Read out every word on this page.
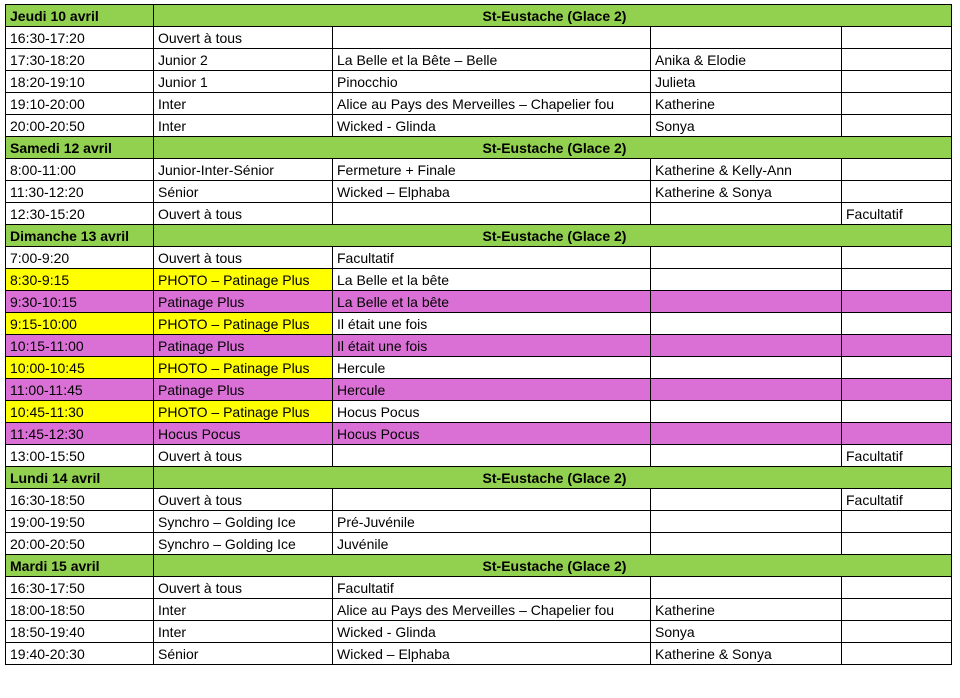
Jeudi 10 avril	St-Eustache (Glace 2)			
16:30-17:20	Ouvert à tous			
17:30-18:20	Junior 2	La Belle et la Bête – Belle	Anika & Elodie	
18:20-19:10	Junior 1	Pinocchio	Julieta	
19:10-20:00	Inter	Alice au Pays des Merveilles – Chapelier fou	Katherine	
20:00-20:50	Inter	Wicked - Glinda	Sonya	
Samedi 12 avril	St-Eustache (Glace 2)			
8:00-11:00	Junior-Inter-Sénior	Fermeture + Finale	Katherine & Kelly-Ann	
11:30-12:20	Sénior	Wicked – Elphaba	Katherine & Sonya	
12:30-15:20	Ouvert à tous			Facultatif
Dimanche 13 avril	St-Eustache (Glace 2)			
7:00-9:20	Ouvert à tous	Facultatif		
8:30-9:15	PHOTO – Patinage Plus	La Belle et la bête		
9:30-10:15	Patinage Plus	La Belle et la bête		
9:15-10:00	PHOTO – Patinage Plus	Il était une fois		
10:15-11:00	Patinage Plus	Il était une fois		
10:00-10:45	PHOTO – Patinage Plus	Hercule		
11:00-11:45	Patinage Plus	Hercule		
10:45-11:30	PHOTO – Patinage Plus	Hocus Pocus		
11:45-12:30	Hocus Pocus	Hocus Pocus		
13:00-15:50	Ouvert à tous			Facultatif
Lundi 14 avril	St-Eustache (Glace 2)			
16:30-18:50	Ouvert à tous			Facultatif
19:00-19:50	Synchro – Golding Ice	Pré-Juvénile		
20:00-20:50	Synchro – Golding Ice	Juvénile		
Mardi 15 avril	St-Eustache (Glace 2)			
16:30-17:50	Ouvert à tous	Facultatif		
18:00-18:50	Inter	Alice au Pays des Merveilles – Chapelier fou	Katherine	
18:50-19:40	Inter	Wicked - Glinda	Sonya	
19:40-20:30	Sénior	Wicked – Elphaba	Katherine & Sonya	
